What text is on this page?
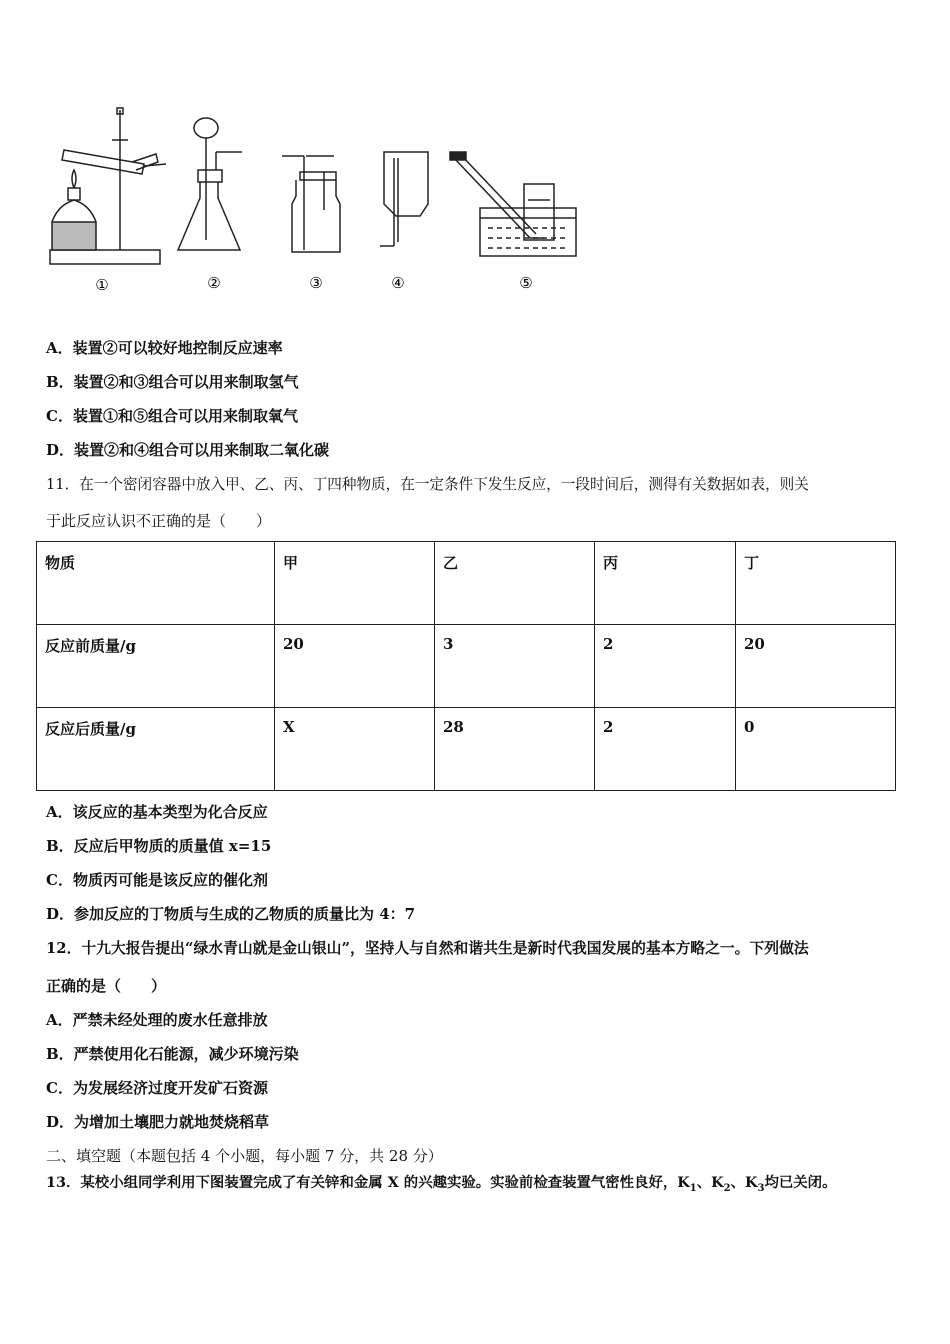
①	②	③	④	⑤
A．装置②可以较好地控制反应速率
B．装置②和③组合可以用来制取氢气
C．装置①和⑤组合可以用来制取氧气
D．装置②和④组合可以用来制取二氧化碳
11．在一个密闭容器中放入甲、乙、丙、丁四种物质，在一定条件下发生反应，一段时间后，测得有关数据如表，则关
于此反应认识不正确的是（　　）
物质	甲	乙	丙	丁
反应前质量/g	20	3	2	20
反应后质量/g	X	28	2	0
A．该反应的基本类型为化合反应
B．反应后甲物质的质量值 x=15
C．物质丙可能是该反应的催化剂
D．参加反应的丁物质与生成的乙物质的质量比为 4：7
12．十九大报告提出“绿水青山就是金山银山”，坚持人与自然和谐共生是新时代我国发展的基本方略之一。下列做法
正确的是（　　）
A．严禁未经处理的废水任意排放
B．严禁使用化石能源，减少环境污染
C．为发展经济过度开发矿石资源
D．为增加土壤肥力就地焚烧稻草
二、填空题（本题包括 4 个小题，每小题 7 分，共 28 分）
13．某校小组同学利用下图装置完成了有关锌和金属 X 的兴趣实验。实验前检查装置气密性良好，$K_1$、$K_2$、$K_3$均已关闭。
